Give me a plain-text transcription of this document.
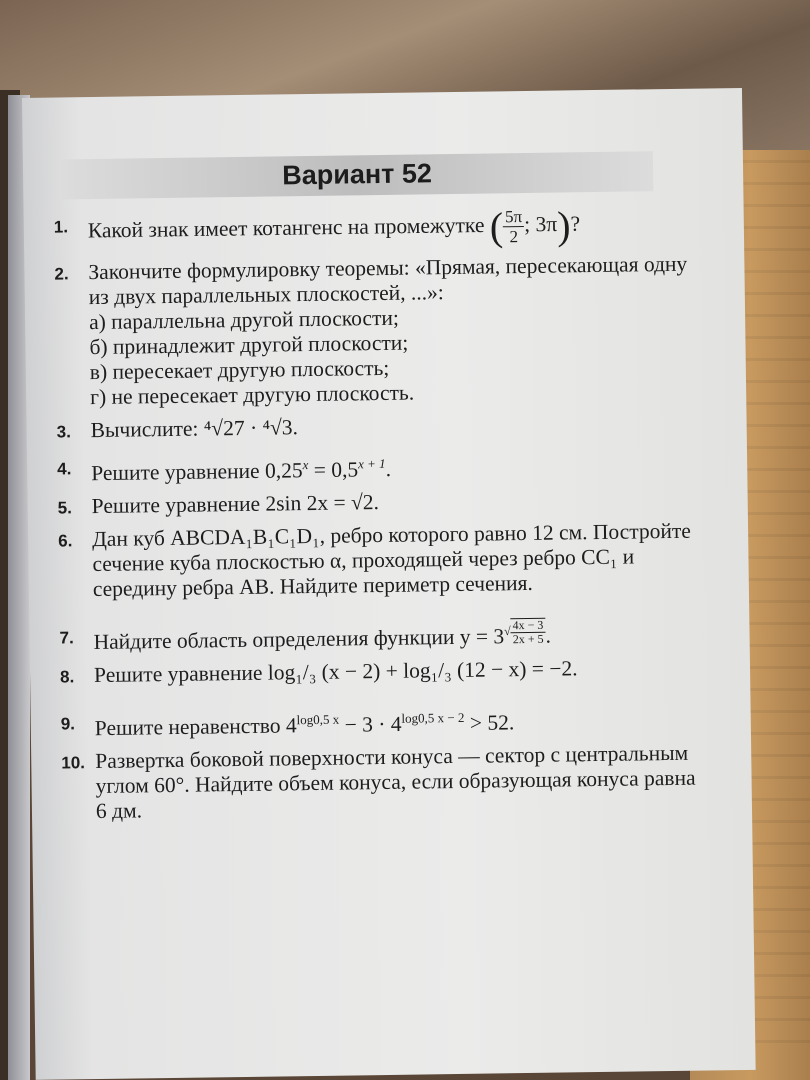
Вариант 52
1. Какой знак имеет котангенс на промежутке ( $\frac{5\pi}{2}$ ; 3π)?
2. Закончите формулировку теоремы: «Прямая, пересекающая одну из двух параллельных плоскостей, ...»:
а) параллельна другой плоскости;
б) принадлежит другой плоскости;
в) пересекает другую плоскость;
г) не пересекает другую плоскость.
3. Вычислите: ⁴√27 · ⁴√3.
4. Решите уравнение $0,25^x = 0,5^{x + 1}$.
5. Решите уравнение 2sin 2x = √2.
6. Дан куб ABCDA₁B₁C₁D₁, ребро которого равно 12 см. Постройте сечение куба плоскостью α, проходящей через ребро CC₁ и середину ребра AB. Найдите периметр сечения.
7. Найдите область определения функции $y = 3√ \frac{4x - 3}{2x + 5}$ .
8. Решите уравнение log₁/₃ (x − 2) + log₁/₃ (12 − x) = −2.
9. Решите неравенство $4^{log0,5 x} - 3 \cdot 4^{log0,5 x - 2} > 52$.
10. Развертка боковой поверхности конуса — сектор с центральным углом 60°. Найдите объем конуса, если образующая конуса равна 6 дм.
